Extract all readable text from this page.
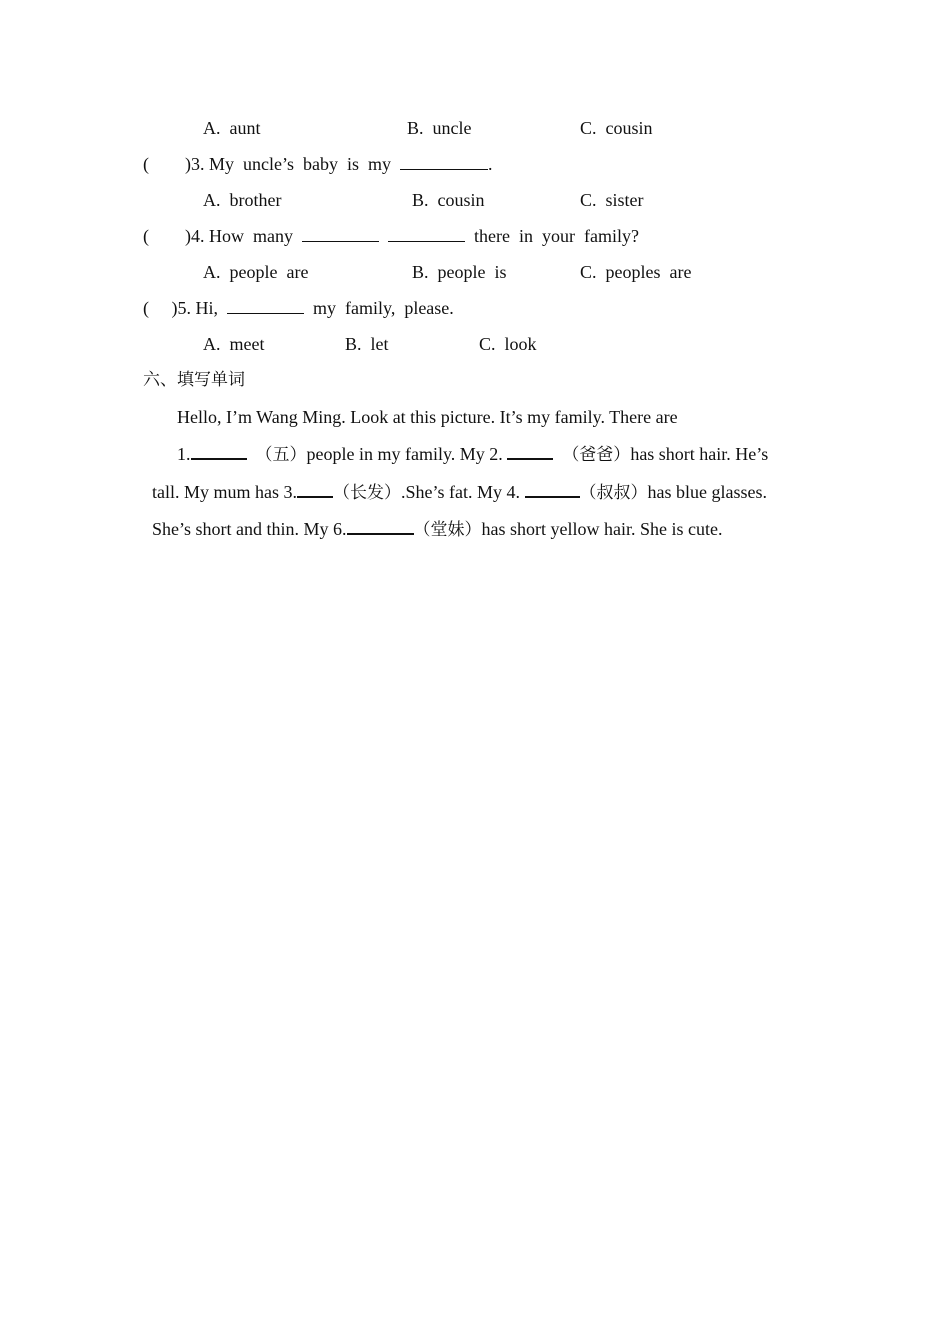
A.  aunt	B.  uncle	C.  cousin
(        )3. My  uncle’s  baby  is  my	.
A.  brother	B.  cousin	C.  sister
(        )4. How  many	there  in  your  family?
A.  people  are	B.  people  is	C.  peoples  are
(     )5. Hi,	my  family,  please.
A.  meet	B.  let	C.  look
六、填写单词
Hello, I’m Wang Ming. Look at this picture. It’s my family. There are
1.	（五）people in my family. My 2.	（爸爸）has short hair. He’s
tall. My mum has 3. （长发）.She’s fat. My 4.	（叔叔）has blue glasses.
She’s short and thin. My 6.	（堂妹）has short yellow hair. She is cute.
